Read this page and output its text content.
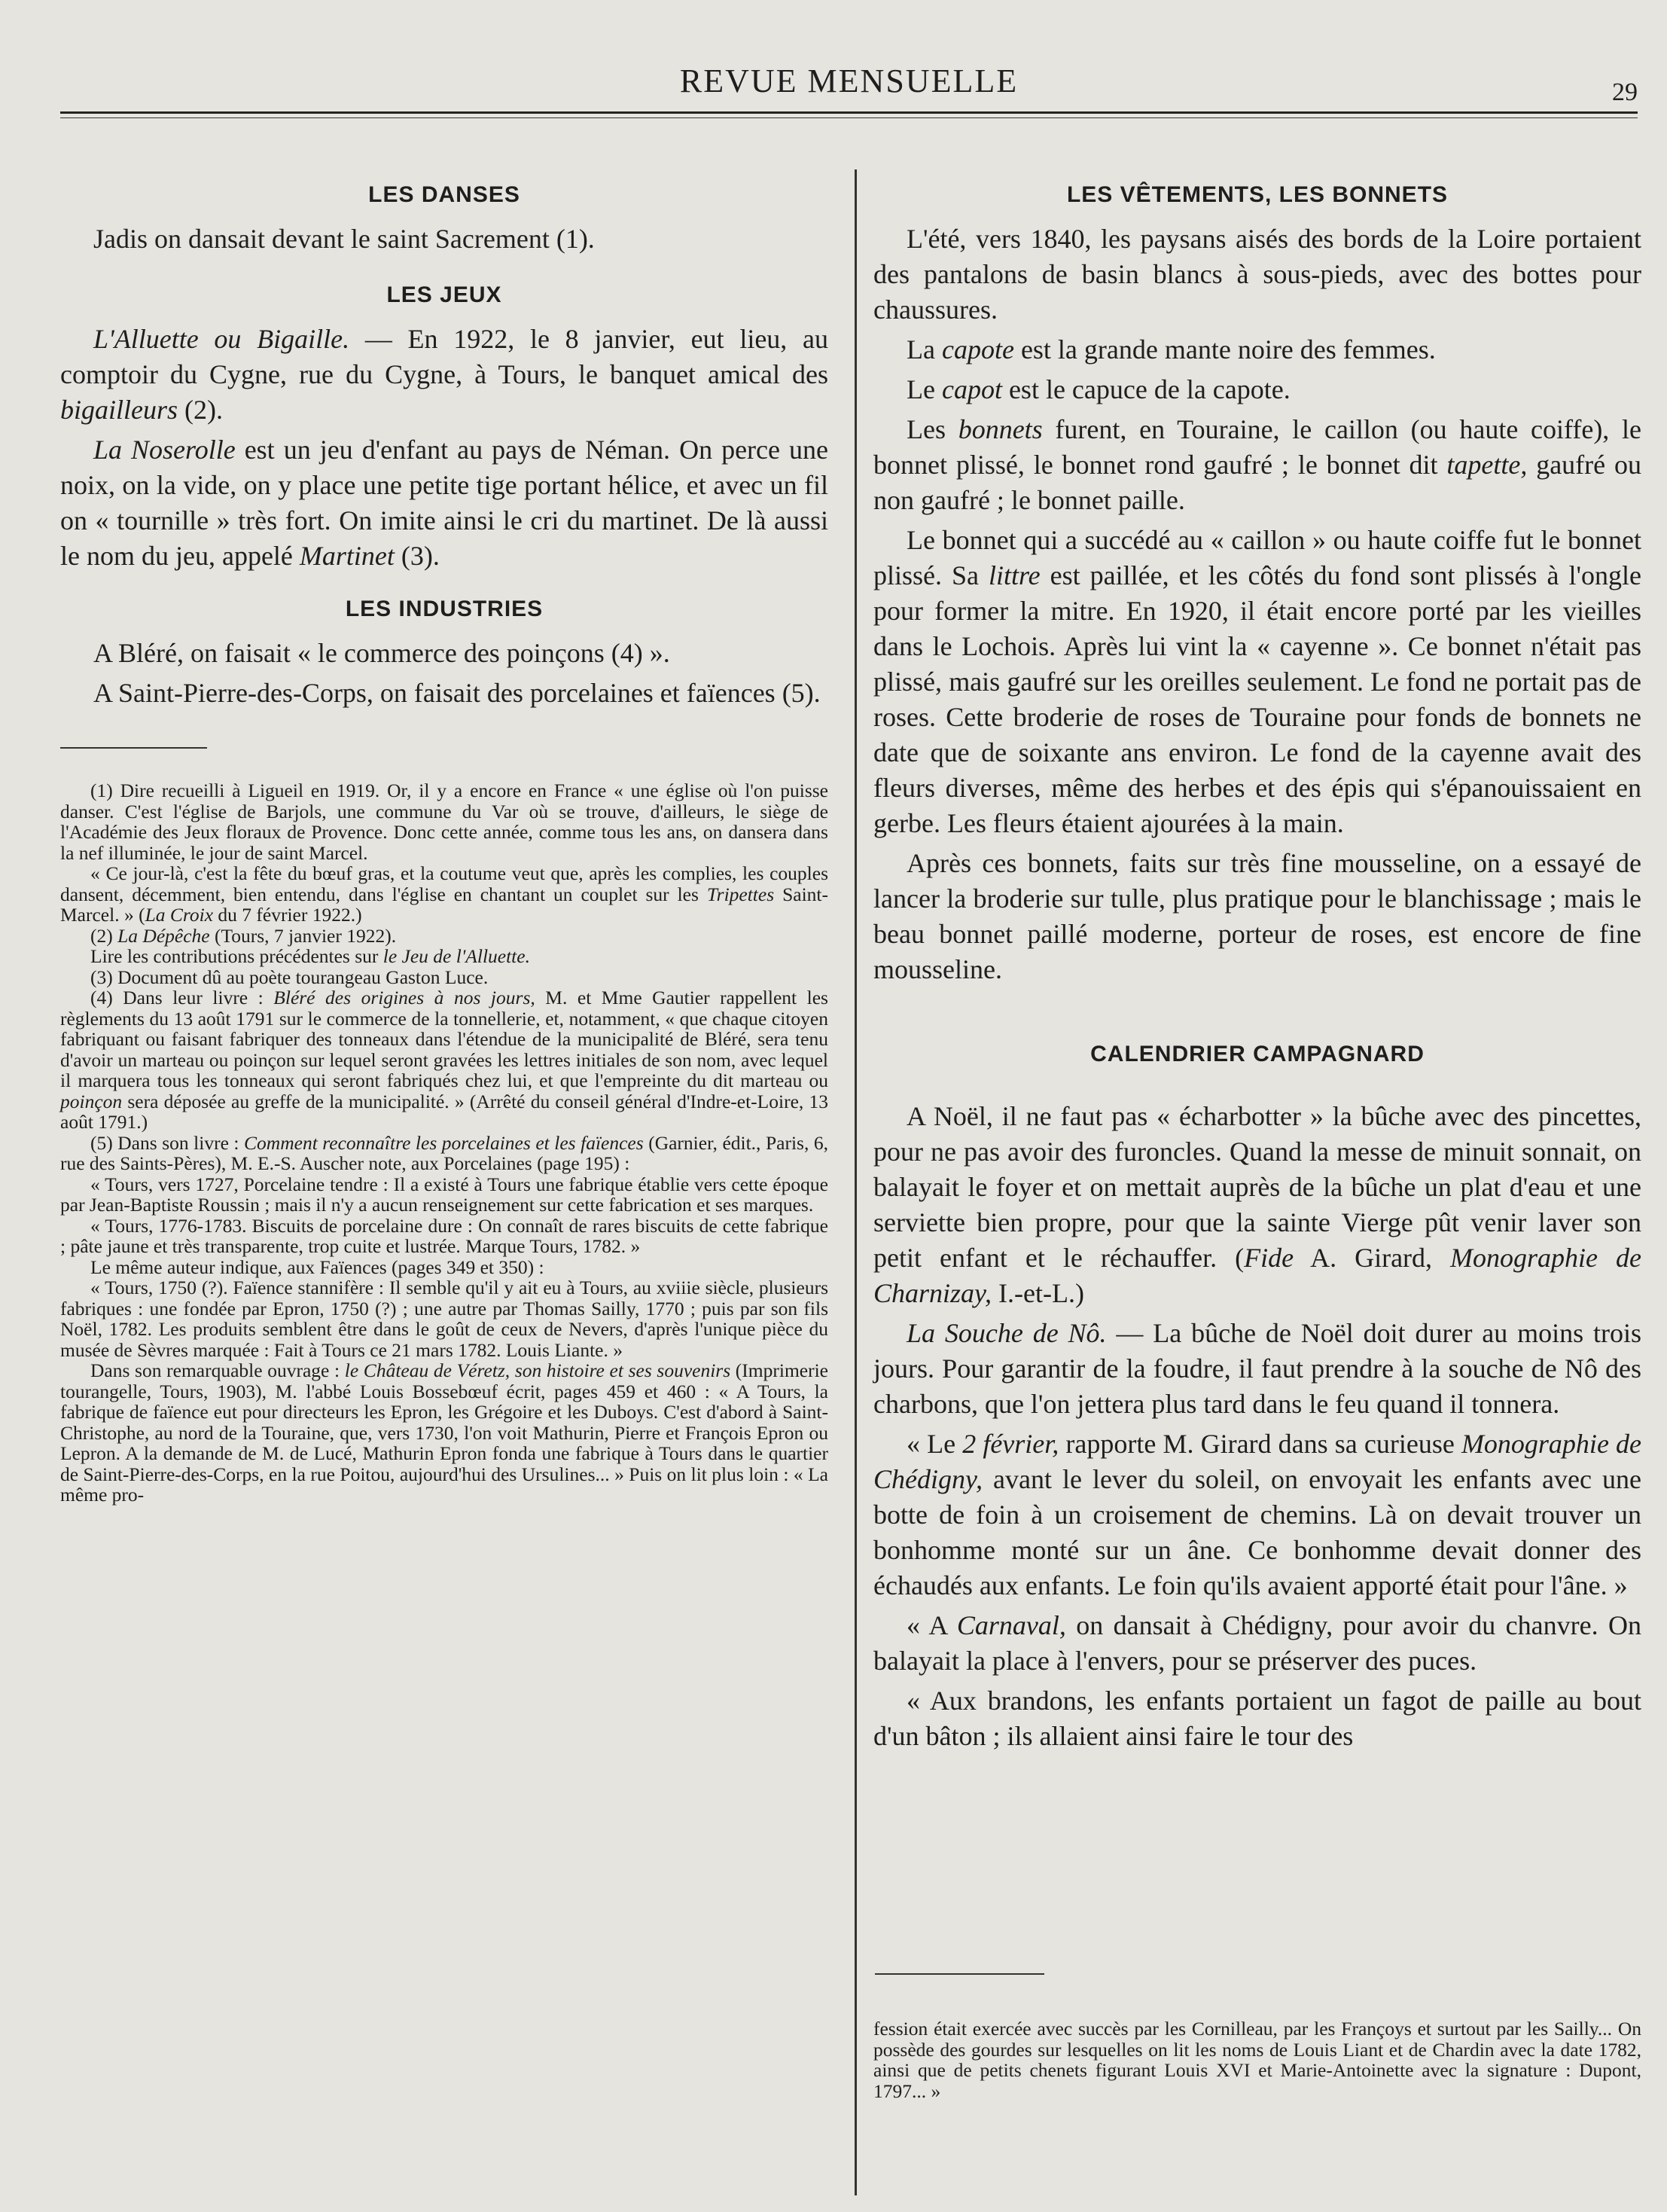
REVUE MENSUELLE	29
LES DANSES

Jadis on dansait devant le saint Sacrement (1).

LES JEUX

L'Alluette ou Bigaille. — En 1922, le 8 janvier, eut lieu, au comptoir du Cygne, rue du Cygne, à Tours, le banquet amical des bigailleurs (2).

La Noserolle est un jeu d'enfant au pays de Néman. On perce une noix, on la vide, on y place une petite tige portant hélice, et avec un fil on « tournille » très fort. On imite ainsi le cri du martinet. De là aussi le nom du jeu, appelé Martinet (3).

LES INDUSTRIES

A Bléré, on faisait « le commerce des poinçons (4) ».

A Saint-Pierre-des-Corps, on faisait des porcelaines et faïences (5).

(1) Dire recueilli à Ligueil en 1919. Or, il y a encore en France « une église où l'on puisse danser. C'est l'église de Barjols, une commune du Var où se trouve, d'ailleurs, le siège de l'Académie des Jeux floraux de Provence. Donc cette année, comme tous les ans, on dansera dans la nef illuminée, le jour de saint Marcel.

« Ce jour-là, c'est la fête du bœuf gras, et la coutume veut que, après les complies, les couples dansent, décemment, bien entendu, dans l'église en chantant un couplet sur les Tripettes Saint-Marcel. » (La Croix du 7 février 1922.)

(2) La Dépêche (Tours, 7 janvier 1922).

Lire les contributions précédentes sur le Jeu de l'Alluette.

(3) Document dû au poète tourangeau Gaston Luce.

(4) Dans leur livre : Bléré des origines à nos jours, M. et Mme Gautier rappellent les règlements du 13 août 1791 sur le commerce de la tonnellerie, et, notamment, « que chaque citoyen fabriquant ou faisant fabriquer des tonneaux dans l'étendue de la municipalité de Bléré, sera tenu d'avoir un marteau ou poinçon sur lequel seront gravées les lettres initiales de son nom, avec lequel il marquera tous les tonneaux qui seront fabriqués chez lui, et que l'empreinte du dit marteau ou poinçon sera déposée au greffe de la municipalité. » (Arrêté du conseil général d'Indre-et-Loire, 13 août 1791.)

(5) Dans son livre : Comment reconnaître les porcelaines et les faïences (Garnier, édit., Paris, 6, rue des Saints-Pères), M. E.-S. Auscher note, aux Porcelaines (page 195) :

« Tours, vers 1727, Porcelaine tendre : Il a existé à Tours une fabrique établie vers cette époque par Jean-Baptiste Roussin ; mais il n'y a aucun renseignement sur cette fabrication et ses marques.

« Tours, 1776-1783. Biscuits de porcelaine dure : On connaît de rares biscuits de cette fabrique ; pâte jaune et très transparente, trop cuite et lustrée. Marque Tours, 1782. »

Le même auteur indique, aux Faïences (pages 349 et 350) :

« Tours, 1750 (?). Faïence stannifère : Il semble qu'il y ait eu à Tours, au xviiie siècle, plusieurs fabriques : une fondée par Epron, 1750 (?) ; une autre par Thomas Sailly, 1770 ; puis par son fils Noël, 1782. Les produits semblent être dans le goût de ceux de Nevers, d'après l'unique pièce du musée de Sèvres marquée : Fait à Tours ce 21 mars 1782. Louis Liante. »

Dans son remarquable ouvrage : le Château de Véretz, son histoire et ses souvenirs (Imprimerie tourangelle, Tours, 1903), M. l'abbé Louis Bossebœuf écrit, pages 459 et 460 : « A Tours, la fabrique de faïence eut pour directeurs les Epron, les Grégoire et les Duboys. C'est d'abord à Saint-Christophe, au nord de la Touraine, que, vers 1730, l'on voit Mathurin, Pierre et François Epron ou Lepron. A la demande de M. de Lucé, Mathurin Epron fonda une fabrique à Tours dans le quartier de Saint-Pierre-des-Corps, en la rue Poitou, aujourd'hui des Ursulines... » Puis on lit plus loin : « La même pro-

LES VÊTEMENTS, LES BONNETS

L'été, vers 1840, les paysans aisés des bords de la Loire portaient des pantalons de basin blancs à sous-pieds, avec des bottes pour chaussures.

La capote est la grande mante noire des femmes.

Le capot est le capuce de la capote.

Les bonnets furent, en Touraine, le caillon (ou haute coiffe), le bonnet plissé, le bonnet rond gaufré ; le bonnet dit tapette, gaufré ou non gaufré ; le bonnet paille.

Le bonnet qui a succédé au « caillon » ou haute coiffe fut le bonnet plissé. Sa littre est paillée, et les côtés du fond sont plissés à l'ongle pour former la mitre. En 1920, il était encore porté par les vieilles dans le Lochois. Après lui vint la « cayenne ». Ce bonnet n'était pas plissé, mais gaufré sur les oreilles seulement. Le fond ne portait pas de roses. Cette broderie de roses de Touraine pour fonds de bonnets ne date que de soixante ans environ. Le fond de la cayenne avait des fleurs diverses, même des herbes et des épis qui s'épanouissaient en gerbe. Les fleurs étaient ajourées à la main.

Après ces bonnets, faits sur très fine mousseline, on a essayé de lancer la broderie sur tulle, plus pratique pour le blanchissage ; mais le beau bonnet paillé moderne, porteur de roses, est encore de fine mousseline.

CALENDRIER CAMPAGNARD

A Noël, il ne faut pas « écharbotter » la bûche avec des pincettes, pour ne pas avoir des furoncles. Quand la messe de minuit sonnait, on balayait le foyer et on mettait auprès de la bûche un plat d'eau et une serviette bien propre, pour que la sainte Vierge pût venir laver son petit enfant et le réchauffer. (Fide A. Girard, Monographie de Charnizay, I.-et-L.)

La Souche de Nô. — La bûche de Noël doit durer au moins trois jours. Pour garantir de la foudre, il faut prendre à la souche de Nô des charbons, que l'on jettera plus tard dans le feu quand il tonnera.

« Le 2 février, rapporte M. Girard dans sa curieuse Monographie de Chédigny, avant le lever du soleil, on envoyait les enfants avec une botte de foin à un croisement de chemins. Là on devait trouver un bonhomme monté sur un âne. Ce bonhomme devait donner des échaudés aux enfants. Le foin qu'ils avaient apporté était pour l'âne. »

« A Carnaval, on dansait à Chédigny, pour avoir du chanvre. On balayait la place à l'envers, pour se préserver des puces.

« Aux brandons, les enfants portaient un fagot de paille au bout d'un bâton ; ils allaient ainsi faire le tour des

fession était exercée avec succès par les Cornilleau, par les Françoys et surtout par les Sailly... On possède des gourdes sur lesquelles on lit les noms de Louis Liant et de Chardin avec la date 1782, ainsi que de petits chenets figurant Louis XVI et Marie-Antoinette avec la signature : Dupont, 1797... »
